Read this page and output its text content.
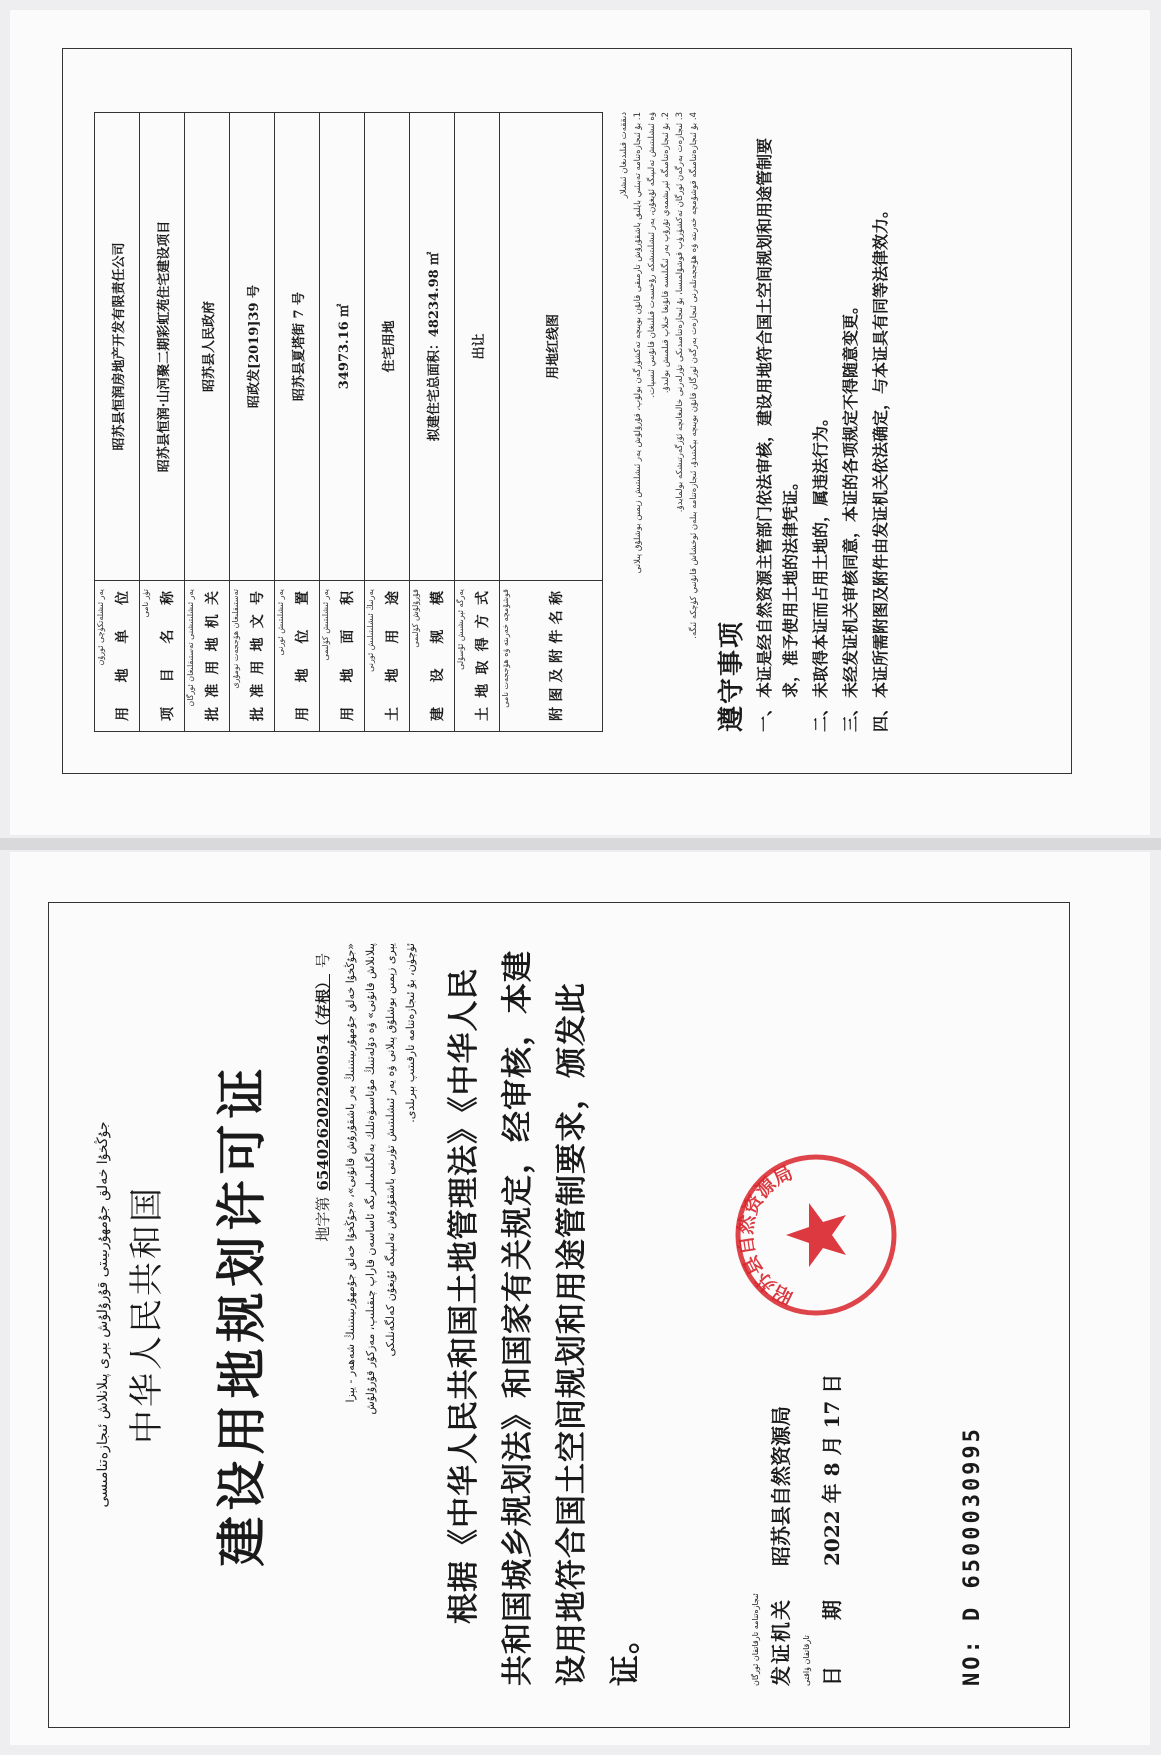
يەر ئىشلەتكۈچى ئورۇن 用 地 单 位	昭苏县恒润房地产开发有限责任公司

تۈر نامى 项 目 名 称	昭苏县恒润·山河聚二期彩虹苑住宅建设项目

يەر ئىشلىتىشنى تەستىقلىغان ئورگان 批准用地机关	昭苏县人民政府

تەستىقلىغان ھۆججەت نومۇرى 批准用地文号	昭政发[2019]39 号

يەر ئىشلىتىش ئورنى 用 地 位 置	昭苏县夏塔街 7 号

يەر ئىشلىتىش كۆلىمى 用 地 面 积	34973.16 ㎡

يەرنىڭ ئىشلىتىلىش ئورنى 土 地 用 途	住宅用地

قۇرۇلۇش كۆلىمى 建 设 规 模	拟建住宅总面积：48234.98 ㎡

يەرگە ئېرىشىش ئۇسۇلى 土地取得方式	出让

قوشۇمچە خەرىتە ۋە ھۆججەت نامى 附图及附件名称	用地红线图
دىققەت قىلىدىغان ئىشلار 1. بۇ ئىجازەتنامە تەبىئىي بايلىق باشقۇرۇش تارمىقى قانۇن بويىچە تەكشۈرگەن بولۇپ، قۇرۇلۇش يەر ئىشلىتىش زېمىن بوشلۇق پىلانى ۋە ئىشلىتىش تەلىپىگە ئۇيغۇن، يەر ئىشلىتىشكە رۇخسەت قىلىنغان قانۇنىي ئىسپات. 2. بۇ ئىجازەتنامىگە ئېرىشمەي تۇرۇپ يەر ئىگىلىسە قانۇنغا خىلاپ قىلمىش بولىدۇ.
3. ئىجازەت بەرگەن ئورگان تەكشۈرۈپ قوشۇلمىسا، بۇ ئىجازەتنامىدىكى تۈرلەرنى خالىغانچە ئۆزگەرتىشكە بولمايدۇ.
4. بۇ ئىجازەتنامىگە قوشۇمچە خەرىتە ۋە ھۆججەتلەرنى ئىجازەت بەرگەن ئورگان قانۇن بويىچە بېكىتىدۇ، ئىجازەتنامە بىلەن ئوخشاش قانۇنىي كۈچكە ئىگە.
遵守事项 一、
本证是经自然资源主管部门依法审核，建设用地符合国土空间规划和用途管制要求，准予使用土地的法律凭证。
二、
未取得本证而占用土地的，属违法行为。
三、
未经发证机关审核同意，本证的各项规定不得随意变更。
四、
本证所需附图及附件由发证机关依法确定，与本证具有同等法律效力。
جۇڭخۇا خەلق جۇمھۇرىيىتى قۇرۇلۇش يېرى پىلانلاش ئىجازەتنامىسى 中华人民共和国 建设用地规划许可证	地字第654026202200054（存根）号 «جۇڭخۇا خەلق جۇمھۇرىيىتىنىڭ يەر باشقۇرۇش قانۇنى»، «جۇڭخۇا خەلق جۇمھۇرىيىتىنىڭ شەھەر - يېزا پىلانلاش قانۇنى» ۋە دۆلەتنىڭ مۇناسىۋەتلىك بەلگىلىمىلىرىگە ئاساسەن قاراپ چىقىلىپ، مەزكۇر قۇرۇلۇش يېرى زېمىن بوشلۇق پىلانى ۋە يەر ئىشلىتىش تۈرىنى باشقۇرۇش تەلىپىگە ئۇيغۇن كەلگەنلىكى ئۈچۈن، بۇ ئىجازەتنامە تارقىتىپ بېرىلدى. 根据《中华人民共和国土地管理法》《中华人民共和国城乡规划法》和国家有关规定，经审核，本建设用地符合国土空间规划和用途管制要求，颁发此证。	ئىجازەتنامە تارقاتقان ئورگان 发证机关
昭苏县自然资源局
تارقاتقان ۋاقتى 日　　期
2022 年 8 月 17 日
昭苏县自然资源局
NO: D 6500030995
